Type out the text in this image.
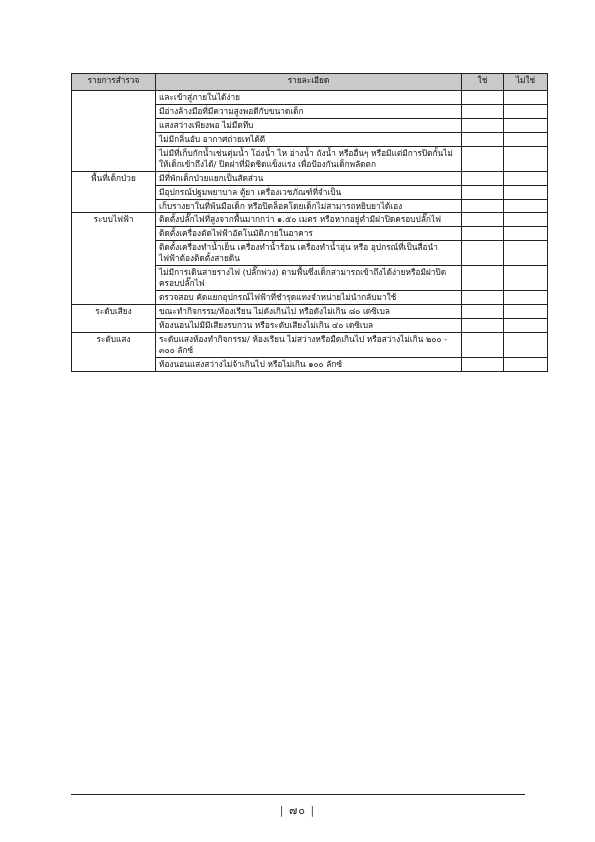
รายการสำรวจ	รายละเอียด	ใช่	ไม่ใช่
	และเข้าสู่ภายในได้ง่าย		
	มีอ่างล้างมือที่มีความสูงพอดีกับขนาดเด็ก		
	แสงสว่างเพียงพอ ไม่มืดทึบ		
	ไม่มีกลิ่นอับ อากาศถ่ายเทได้ดี		
	ไม่มีที่เก็บกักน้ำเช่นตุ่มน้ำ โอ่งน้ำ ไห อ่างน้ำ ถังน้ำ หรืออื่นๆ หรือมีแต่มีการปิดกั้นไม่ให้เด็กเข้าถึงได้/ ปิดฝาที่มิดชิดแข็งแรง เพื่อป้องกันเด็กพลัดตก		
พื้นที่เด็กป่วย	มีที่พักเด็กป่วยแยกเป็นสัดส่วน		
	มีอุปกรณ์ปฐมพยาบาล ตู้ยา เครื่องเวชภัณฑ์ที่จำเป็น		
	เก็บรางยาในที่พ้นมือเด็ก หรือปิดล็อคโดยเด็กไม่สามารถหยิบยาได้เอง		
ระบบไฟฟ้า	ติดตั้งปลั๊กไฟที่สูงจากพื้นมากกว่า ๑.๕๐ เมตร หรือหากอยู่ต่ำมีฝาปิดครอบปลั๊กไฟ		
	ติดตั้งเครื่องตัดไฟฟ้าอัตโนมัติภายในอาคาร		
	ติดตั้งเครื่องทำน้ำเย็น เครื่องทำน้ำร้อน เครื่องทำน้ำอุ่น หรือ อุปกรณ์ที่เป็นสื่อนำไฟฟ้าต้องติดตั้งสายดิน		
	ไม่มีการเดินสายรางไฟ (ปลั๊กพ่วง) ตามพื้นซึ่งเด็กสามารถเข้าถึงได้ง่ายหรือมีฝาปิดครอบปลั๊กไฟ		
	ตรวจสอบ คัดแยกอุปกรณ์ไฟฟ้าที่ชำรุดแทงจำหน่ายไม่นำกลับมาใช้		
ระดับเสียง	ขณะทำกิจกรรม/ห้องเรียน ไม่ดังเกินไป หรือดังไม่เกิน ๘๐ เดซิเบล		
	ห้องนอนไม่มีมีเสียงรบกวน หรือระดับเสียงไม่เกิน ๔๐ เดซิเบล		
ระดับแสง	ระดับแสงห้องทำกิจกรรม/ ห้องเรียน ไม่สว่างหรือมืดเกินไป หรือสว่างไม่เกิน ๒๐๐ - ๓๐๐ ลักซ์		
	ห้องนอนแสงสว่างไม่จ้าเกินไป หรือไม่เกิน ๑๐๐ ลักซ์		
| ๗๐ |
